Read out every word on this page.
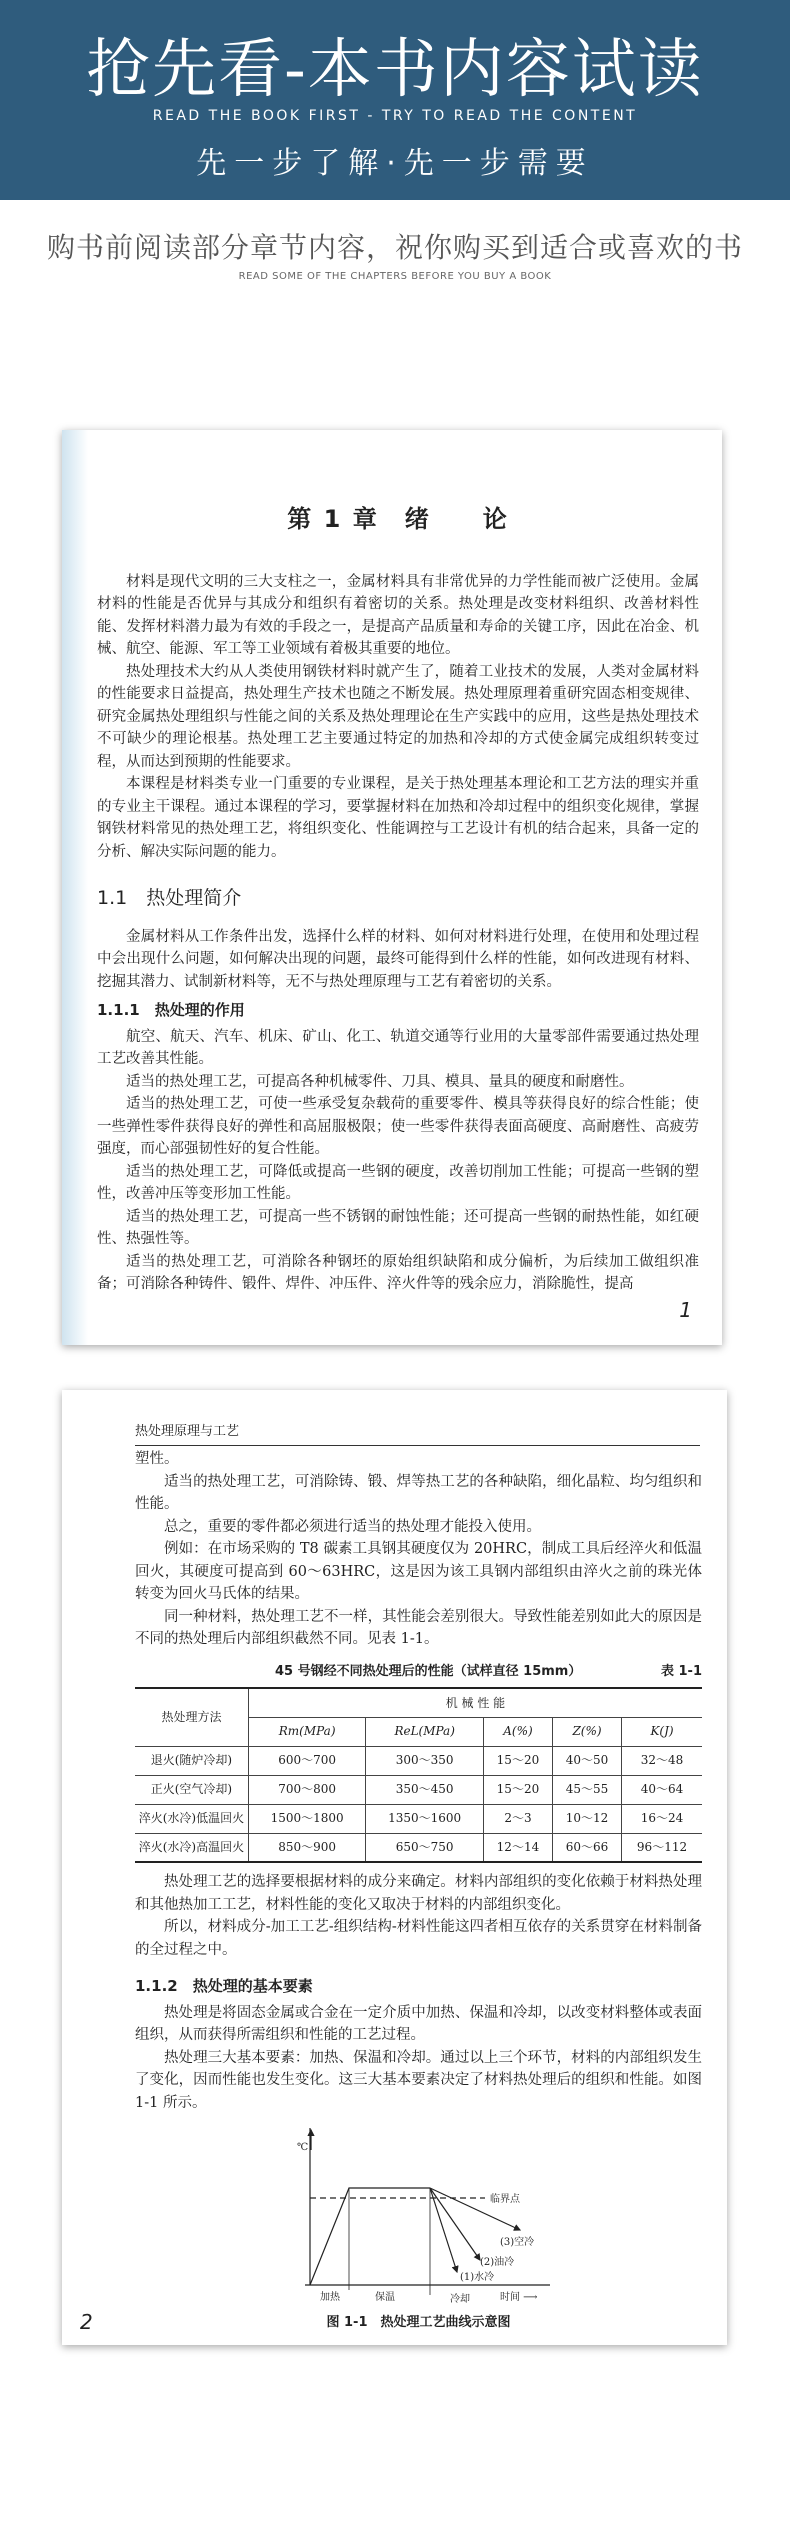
抢先看-本书内容试读
READ THE BOOK FIRST - TRY TO READ THE CONTENT
先一步了解·先一步需要
购书前阅读部分章节内容，祝你购买到适合或喜欢的书
READ SOME OF THE CHAPTERS BEFORE YOU BUY A BOOK
第 1 章　绪　　论

材料是现代文明的三大支柱之一，金属材料具有非常优异的力学性能而被广泛使用。金属材料的性能是否优异与其成分和组织有着密切的关系。热处理是改变材料组织、改善材料性能、发挥材料潜力最为有效的手段之一，是提高产品质量和寿命的关键工序，因此在冶金、机械、航空、能源、军工等工业领域有着极其重要的地位。

热处理技术大约从人类使用钢铁材料时就产生了，随着工业技术的发展，人类对金属材料的性能要求日益提高，热处理生产技术也随之不断发展。热处理原理着重研究固态相变规律、研究金属热处理组织与性能之间的关系及热处理理论在生产实践中的应用，这些是热处理技术不可缺少的理论根基。热处理工艺主要通过特定的加热和冷却的方式使金属完成组织转变过程，从而达到预期的性能要求。

本课程是材料类专业一门重要的专业课程，是关于热处理基本理论和工艺方法的理实并重的专业主干课程。通过本课程的学习，要掌握材料在加热和冷却过程中的组织变化规律，掌握钢铁材料常见的热处理工艺，将组织变化、性能调控与工艺设计有机的结合起来，具备一定的分析、解决实际问题的能力。

1.1　热处理简介

金属材料从工作条件出发，选择什么样的材料、如何对材料进行处理，在使用和处理过程中会出现什么问题，如何解决出现的问题，最终可能得到什么样的性能，如何改进现有材料、挖掘其潜力、试制新材料等，无不与热处理原理与工艺有着密切的关系。

1.1.1　热处理的作用

航空、航天、汽车、机床、矿山、化工、轨道交通等行业用的大量零部件需要通过热处理工艺改善其性能。

适当的热处理工艺，可提高各种机械零件、刀具、模具、量具的硬度和耐磨性。

适当的热处理工艺，可使一些承受复杂载荷的重要零件、模具等获得良好的综合性能；使一些弹性零件获得良好的弹性和高屈服极限；使一些零件获得表面高硬度、高耐磨性、高疲劳强度，而心部强韧性好的复合性能。

适当的热处理工艺，可降低或提高一些钢的硬度，改善切削加工性能；可提高一些钢的塑性，改善冲压等变形加工性能。

适当的热处理工艺，可提高一些不锈钢的耐蚀性能；还可提高一些钢的耐热性能，如红硬性、热强性等。

适当的热处理工艺，可消除各种钢坯的原始组织缺陷和成分偏析，为后续加工做组织准备；可消除各种铸件、锻件、焊件、冲压件、淬火件等的残余应力，消除脆性，提高

1
热处理原理与工艺

塑性。

适当的热处理工艺，可消除铸、锻、焊等热工艺的各种缺陷，细化晶粒、均匀组织和性能。

总之，重要的零件都必须进行适当的热处理才能投入使用。

例如：在市场采购的 T8 碳素工具钢其硬度仅为 20HRC，制成工具后经淬火和低温回火，其硬度可提高到 60～63HRC，这是因为该工具钢内部组织由淬火之前的珠光体转变为回火马氏体的结果。

同一种材料，热处理工艺不一样，其性能会差别很大。导致性能差别如此大的原因是不同的热处理后内部组织截然不同。见表 1-1。

45 号钢经不同热处理后的性能（试样直径 15mm）	表 1-1
热处理方法	机 械 性 能				
	Rm(MPa)	ReL(MPa)	A(%)	Z(%)	K(J)
退火(随炉冷却)	600～700	300～350	15～20	40～50	32～48
正火(空气冷却)	700～800	350～450	15～20	45～55	40～64
淬火(水冷)低温回火	1500～1800	1350～1600	2～3	10～12	16～24
淬火(水冷)高温回火	850～900	650～750	12～14	60～66	96～112

热处理工艺的选择要根据材料的成分来确定。材料内部组织的变化依赖于材料热处理和其他热加工工艺，材料性能的变化又取决于材料的内部组织变化。

所以，材料成分-加工工艺-组织结构-材料性能这四者相互依存的关系贯穿在材料制备的全过程之中。

1.1.2　热处理的基本要素

热处理是将固态金属或合金在一定介质中加热、保温和冷却，以改变材料整体或表面组织，从而获得所需组织和性能的工艺过程。

热处理三大基本要素：加热、保温和冷却。通过以上三个环节，材料的内部组织发生了变化，因而性能也发生变化。这三大基本要素决定了材料热处理后的组织和性能。如图 1-1 所示。

℃
临界点
(3)空冷
(2)油冷
(1)水冷
加热	保温	冷却	时间 ⟶
图 1-1　热处理工艺曲线示意图
2
